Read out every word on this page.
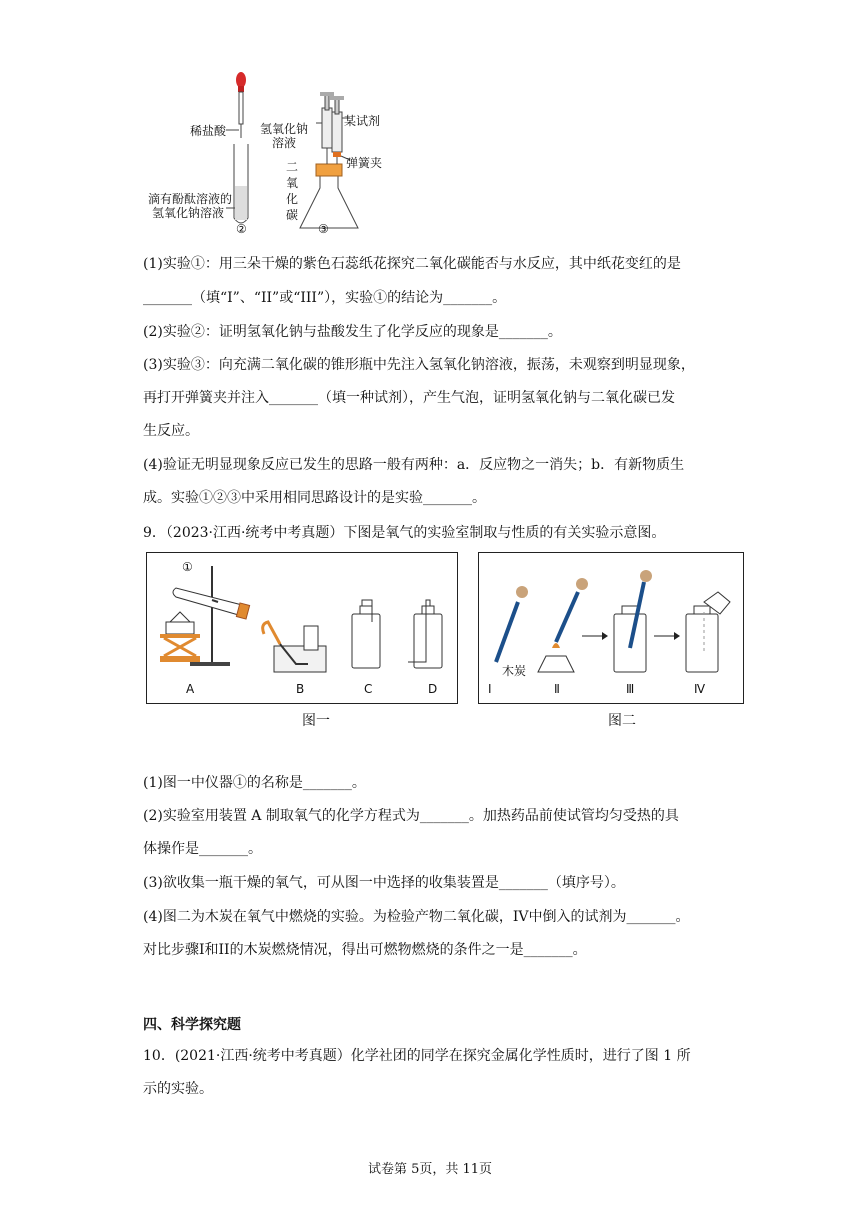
稀盐酸
滴有酚酞溶液的
氢氧化钠溶液
②
氢氧化钠
溶液
某试剂
弹簧夹
二
氧
化
碳
③
(1)实验①：用三朵干燥的紫色石蕊纸花探究二氧化碳能否与水反应，其中纸花变红的是
_______（填“I”、“II”或“III”），实验①的结论为_______。
(2)实验②：证明氢氧化钠与盐酸发生了化学反应的现象是_______。
(3)实验③：向充满二氧化碳的锥形瓶中先注入氢氧化钠溶液，振荡，未观察到明显现象，
再打开弹簧夹并注入_______（填一种试剂），产生气泡，证明氢氧化钠与二氧化碳已发
生反应。
(4)验证无明显现象反应已发生的思路一般有两种：a．反应物之一消失；b．有新物质生
成。实验①②③中采用相同思路设计的是实验_______。
9．（2023·江西·统考中考真题）下图是氧气的实验室制取与性质的有关实验示意图。
①
A	B	C	D
图一
木炭
Ⅰ	Ⅱ	Ⅲ	Ⅳ
图二
(1)图一中仪器①的名称是_______。
(2)实验室用装置 A 制取氧气的化学方程式为_______。加热药品前使试管均匀受热的具
体操作是_______。
(3)欲收集一瓶干燥的氧气，可从图一中选择的收集装置是_______（填序号）。
(4)图二为木炭在氧气中燃烧的实验。为检验产物二氧化碳，IV中倒入的试剂为_______。
对比步骤I和II的木炭燃烧情况，得出可燃物燃烧的条件之一是_______。
四、科学探究题
10．(2021·江西·统考中考真题）化学社团的同学在探究金属化学性质时，进行了图 1 所
示的实验。
试卷第 5页，共 11页
